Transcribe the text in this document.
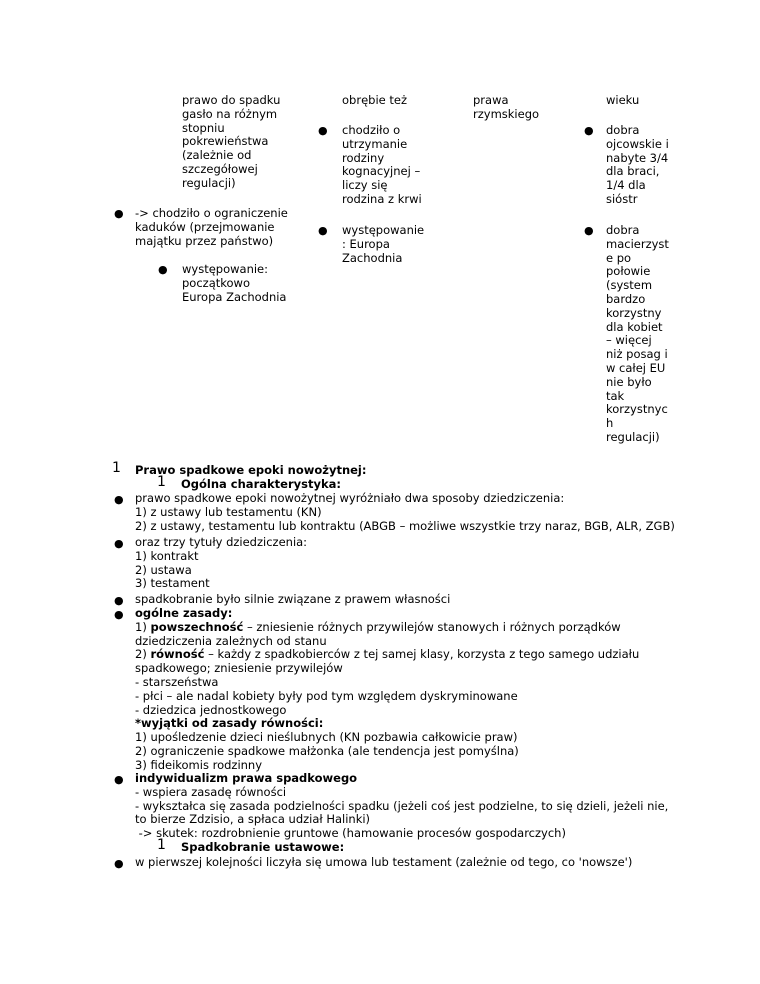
prawo do spadku
gasło na różnym
stopniu
pokrewieństwa
(zależnie od
szczegółowej
regulacji)
● -> chodziło o ograniczenie
kaduków (przejmowanie
majątku przez państwo)
● występowanie:
początkowo
Europa Zachodnia
obrębie też
● chodziło o
utrzymanie
rodziny
kognacyjnej –
liczy się
rodzina z krwi
● występowanie
: Europa
Zachodnia
prawa
rzymskiego
wieku
● dobra
ojcowskie i
nabyte 3/4
dla braci,
1/4 dla
sióstr
● dobra
macierzyst
e po
połowie
(system
bardzo
korzystny
dla kobiet
– więcej
niż posag i
w całej EU
nie było
tak
korzystnyc
h
regulacji)
1 Prawo spadkowe epoki nowożytnej:
1 Ogólna charakterystyka:
● prawo spadkowe epoki nowożytnej wyróżniało dwa sposoby dziedziczenia:
1) z ustawy lub testamentu (KN)
2) z ustawy, testamentu lub kontraktu (ABGB – możliwe wszystkie trzy naraz, BGB, ALR, ZGB)
● oraz trzy tytuły dziedziczenia:
1) kontrakt
2) ustawa
3) testament
● spadkobranie było silnie związane z prawem własności
● ogólne zasady:
1) powszechność – zniesienie różnych przywilejów stanowych i różnych porządków
dziedziczenia zależnych od stanu
2) równość – każdy z spadkobierców z tej samej klasy, korzysta z tego samego udziału
spadkowego; zniesienie przywilejów
- starszeństwa
- płci – ale nadal kobiety były pod tym względem dyskryminowane
- dziedzica jednostkowego
*wyjątki od zasady równości:
1) upośledzenie dzieci nieślubnych (KN pozbawia całkowicie praw)
2) ograniczenie spadkowe małżonka (ale tendencja jest pomyślna)
3) fideikomis rodzinny
● indywidualizm prawa spadkowego
- wspiera zasadę równości
- wykształca się zasada podzielności spadku (jeżeli coś jest podzielne, to się dzieli, jeżeli nie,
to bierze Zdzisio, a spłaca udział Halinki)
-> skutek: rozdrobnienie gruntowe (hamowanie procesów gospodarczych)
1 Spadkobranie ustawowe:
● w pierwszej kolejności liczyła się umowa lub testament (zależnie od tego, co 'nowsze')
